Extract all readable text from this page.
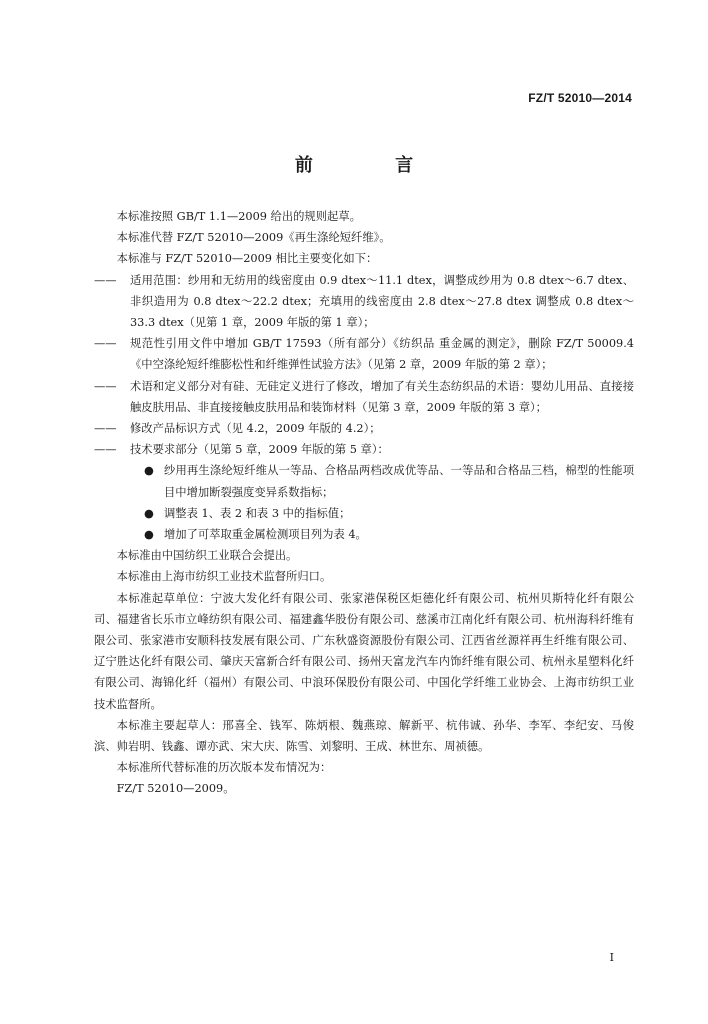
FZ/T 52010—2014
前 言

本标准按照 GB/T 1.1—2009 给出的规则起草。

本标准代替 FZ/T 52010—2009《再生涤纶短纤维》。

本标准与 FZ/T 52010—2009 相比主要变化如下：

——	适用范围：纱用和无纺用的线密度由 0.9 dtex～11.1 dtex，调整成纱用为 0.8 dtex～6.7 dtex、非织造用为 0.8 dtex～22.2 dtex；充填用的线密度由 2.8 dtex～27.8 dtex 调整成 0.8 dtex～33.3 dtex（见第 1 章，2009 年版的第 1 章）；
——	规范性引用文件中增加 GB/T 17593（所有部分）《纺织品 重金属的测定》，删除 FZ/T 50009.4《中空涤纶短纤维膨松性和纤维弹性试验方法》（见第 2 章，2009 年版的第 2 章）；
——	术语和定义部分对有硅、无硅定义进行了修改，增加了有关生态纺织品的术语：婴幼儿用品、直接接触皮肤用品、非直接接触皮肤用品和装饰材料（见第 3 章，2009 年版的第 3 章）；
——	修改产品标识方式（见 4.2，2009 年版的 4.2）；
——	技术要求部分（见第 5 章，2009 年版的第 5 章）：
● 纱用再生涤纶短纤维从一等品、合格品两档改成优等品、一等品和合格品三档，棉型的性能项目中增加断裂强度变异系数指标；
● 调整表 1、表 2 和表 3 中的指标值；
● 增加了可萃取重金属检测项目列为表 4。

本标准由中国纺织工业联合会提出。

本标准由上海市纺织工业技术监督所归口。

本标准起草单位：宁波大发化纤有限公司、张家港保税区炬德化纤有限公司、杭州贝斯特化纤有限公司、福建省长乐市立峰纺织有限公司、福建鑫华股份有限公司、慈溪市江南化纤有限公司、杭州海科纤维有限公司、张家港市安顺科技发展有限公司、广东秋盛资源股份有限公司、江西省丝源祥再生纤维有限公司、辽宁胜达化纤有限公司、肇庆天富新合纤有限公司、扬州天富龙汽车内饰纤维有限公司、杭州永星塑料化纤有限公司、海锦化纤（福州）有限公司、中浪环保股份有限公司、中国化学纤维工业协会、上海市纺织工业技术监督所。

本标准主要起草人：邢喜全、钱军、陈炳根、魏燕琼、解新平、杭伟诚、孙华、李军、李纪安、马俊滨、帅岩明、钱鑫、谭亦武、宋大庆、陈雪、刘黎明、王成、林世东、周祯德。

本标准所代替标准的历次版本发布情况为：

FZ/T 52010—2009。

I
